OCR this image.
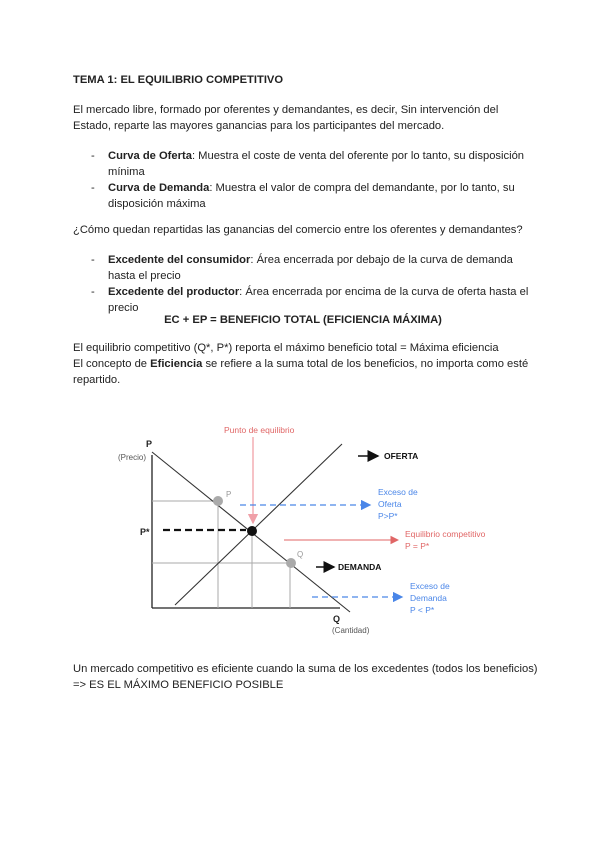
TEMA 1: EL EQUILIBRIO COMPETITIVO
El mercado libre, formado por oferentes y demandantes, es decir, Sin intervención del Estado, reparte las mayores ganancias para los participantes del mercado.
- Curva de Oferta: Muestra el coste de venta del oferente por lo tanto, su disposición mínima
- Curva de Demanda: Muestra el valor de compra del demandante, por lo tanto, su disposición máxima
¿Cómo quedan repartidas las ganancias del comercio entre los oferentes y demandantes?
- Excedente del consumidor: Área encerrada por debajo de la curva de demanda hasta el precio
- Excedente del productor: Área encerrada por encima de la curva de oferta hasta el precio
EC + EP = BENEFICIO TOTAL (EFICIENCIA MÁXIMA)
El equilibrio competitivo (Q*, P*) reporta el máximo beneficio total = Máxima eficiencia
El concepto de Eficiencia se refiere a la suma total de los beneficios, no importa como esté repartido.
P
(Precio)
P*
Q
(Cantidad)
P
Q
Punto de equilibrio
OFERTA
DEMANDA
Exceso de
Oferta
P>P*
Equilibrio competitivo
P = P*
Exceso de
Demanda
P < P*
Un mercado competitivo es eficiente cuando la suma de los excedentes (todos los beneficios) => ES EL MÁXIMO BENEFICIO POSIBLE
